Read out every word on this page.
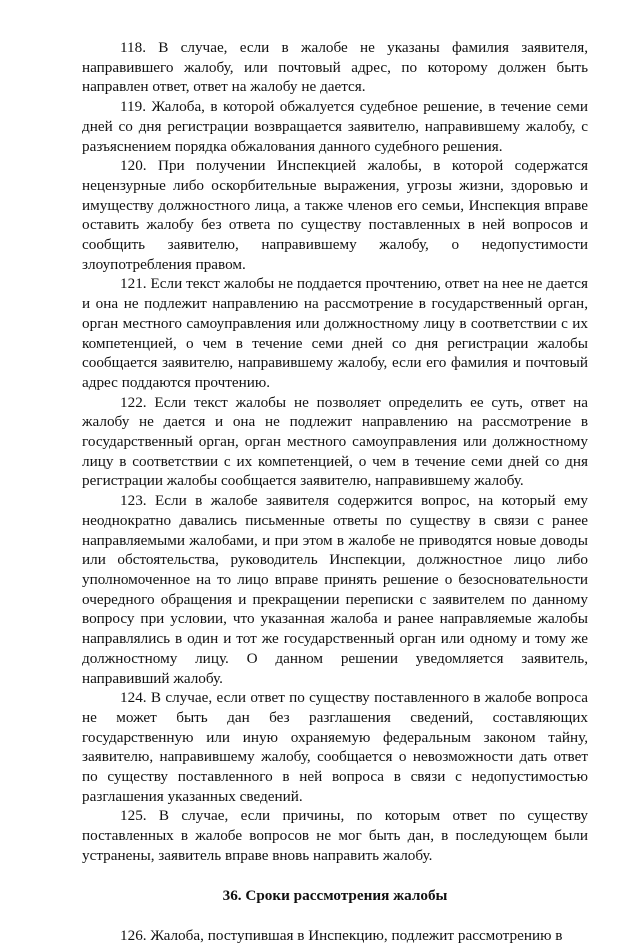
118. В случае, если в жалобе не указаны фамилия заявителя, направившего жалобу, или почтовый адрес, по которому должен быть направлен ответ, ответ на жалобу не дается.

119. Жалоба, в которой обжалуется судебное решение, в течение семи дней со дня регистрации возвращается заявителю, направившему жалобу, с разъяснением порядка обжалования данного судебного решения.

120. При получении Инспекцией жалобы, в которой содержатся нецензурные либо оскорбительные выражения, угрозы жизни, здоровью и имуществу должностного лица, а также членов его семьи, Инспекция вправе оставить жалобу без ответа по существу поставленных в ней вопросов и сообщить заявителю, направившему жалобу, о недопустимости злоупотребления правом.

121. Если текст жалобы не поддается прочтению, ответ на нее не дается и она не подлежит направлению на рассмотрение в государственный орган, орган местного самоуправления или должностному лицу в соответствии с их компетенцией, о чем в течение семи дней со дня регистрации жалобы сообщается заявителю, направившему жалобу, если его фамилия и почтовый адрес поддаются прочтению.

122. Если текст жалобы не позволяет определить ее суть, ответ на жалобу не дается и она не подлежит направлению на рассмотрение в государственный орган, орган местного самоуправления или должностному лицу в соответствии с их компетенцией, о чем в течение семи дней со дня регистрации жалобы сообщается заявителю, направившему жалобу.

123. Если в жалобе заявителя содержится вопрос, на который ему неоднократно давались письменные ответы по существу в связи с ранее направляемыми жалобами, и при этом в жалобе не приводятся новые доводы или обстоятельства, руководитель Инспекции, должностное лицо либо уполномоченное на то лицо вправе принять решение о безосновательности очередного обращения и прекращении переписки с заявителем по данному вопросу при условии, что указанная жалоба и ранее направляемые жалобы направлялись в один и тот же государственный орган или одному и тому же должностному лицу. О данном решении уведомляется заявитель, направивший жалобу.

124. В случае, если ответ по существу поставленного в жалобе вопроса не может быть дан без разглашения сведений, составляющих государственную или иную охраняемую федеральным законом тайну, заявителю, направившему жалобу, сообщается о невозможности дать ответ по существу поставленного в ней вопроса в связи с недопустимостью разглашения указанных сведений.

125. В случае, если причины, по которым ответ по существу поставленных в жалобе вопросов не мог быть дан, в последующем были устранены, заявитель вправе вновь направить жалобу.

36. Сроки рассмотрения жалобы

126. Жалоба, поступившая в Инспекцию, подлежит рассмотрению в
